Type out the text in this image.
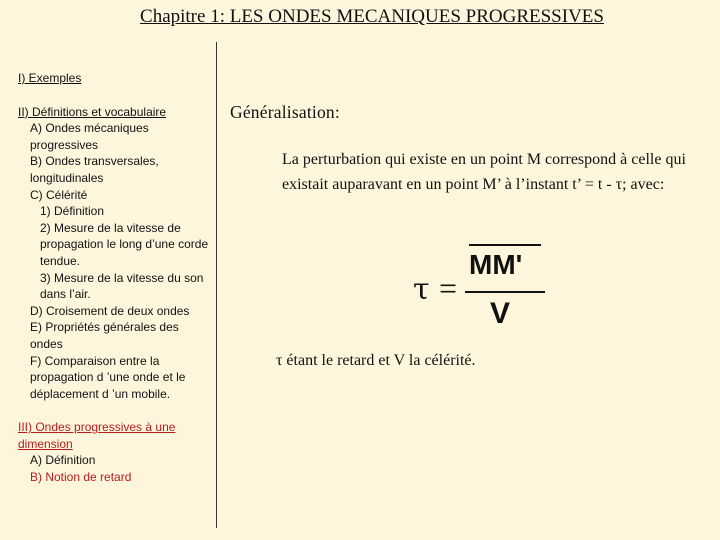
Chapitre 1: LES ONDES MECANIQUES PROGRESSIVES
I) Exemples
II) Définitions et vocabulaire
A) Ondes mécaniques progressives
B) Ondes transversales, longitudinales
C) Célérité
1) Définition
2) Mesure de la vitesse de propagation le long d’une corde tendue.
3) Mesure de la vitesse du son dans l’air.
D) Croisement de deux ondes
E) Propriétés générales des ondes
F) Comparaison entre la propagation d ’une onde et le déplacement d ’un mobile.
III) Ondes progressives à une dimension
A) Définition
B) Notion de retard
Généralisation:
La perturbation qui existe en un point M correspond à celle qui existait auparavant en un point M’ à l’instant t’ = t - τ; avec:
τ =
MM'
V
τ étant le retard et V la célérité.
